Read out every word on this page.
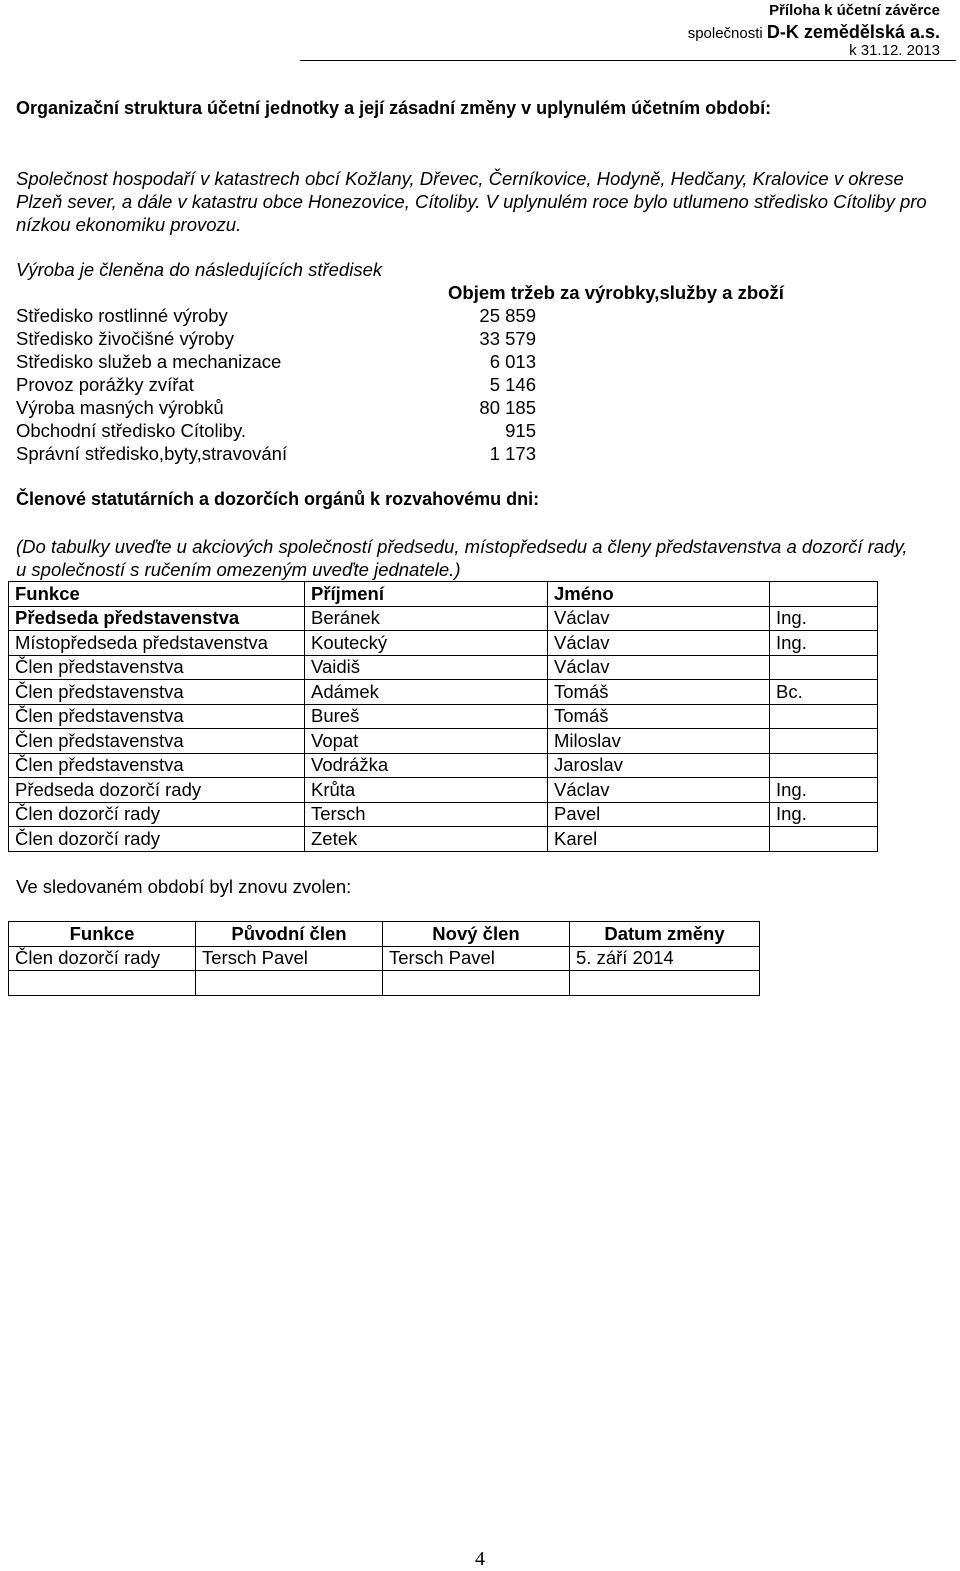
Příloha k účetní závěrce
společnosti D-K zemědělská a.s.
k 31.12. 2013
Organizační struktura účetní jednotky a její zásadní změny v uplynulém účetním období:

Společnost hospodaří v katastrech obcí Kožlany, Dřevec, Černíkovice, Hodyně, Hedčany, Kralovice v okrese Plzeň sever, a dále v katastru obce Honezovice, Cítoliby. V uplynulém roce bylo utlumeno středisko Cítoliby pro nízkou ekonomiku provozu.

Výroba je členěna do následujících středisek
Objem tržeb za výrobky,služby a zboží
Středisko rostlinné výroby	25 859
Středisko živočišné výroby	33 579
Středisko služeb a mechanizace	6 013
Provoz porážky zvířat	5 146
Výroba masných výrobků	80 185
Obchodní středisko Cítoliby.	915
Správní středisko,byty,stravování	1 173
Členové statutárních a dozorčích orgánů k rozvahovému dni:

(Do tabulky uveďte u akciových společností předsedu, místopředsedu a členy představenstva a dozorčí rady, u společností s ručením omezeným uveďte jednatele.)

Funkce	Příjmení	Jméno	
Předseda představenstva	Beránek	Václav	Ing.
Místopředseda představenstva	Koutecký	Václav	Ing.
Člen představenstva	Vaidiš	Václav	
Člen představenstva	Adámek	Tomáš	Bc.
Člen představenstva	Bureš	Tomáš	
Člen představenstva	Vopat	Miloslav	
Člen představenstva	Vodrážka	Jaroslav	
Předseda dozorčí rady	Krůta	Václav	Ing.
Člen dozorčí rady	Tersch	Pavel	Ing.
Člen dozorčí rady	Zetek	Karel	
Ve sledovaném období byl znovu zvolen:
Funkce	Původní člen	Nový člen	Datum změny
Člen dozorčí rady	Tersch Pavel	Tersch Pavel	5. září 2014

4
